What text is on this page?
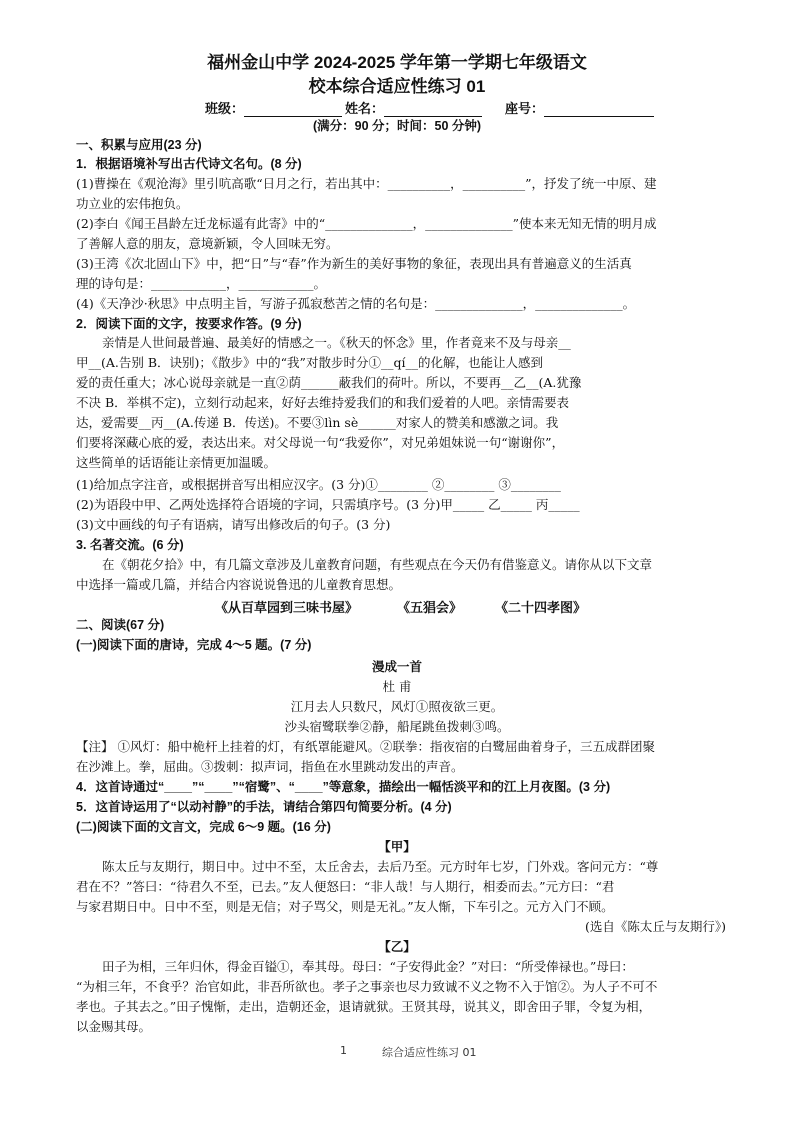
福州金山中学 2024-2025 学年第一学期七年级语文
校本综合适应性练习 01
班级：	姓名：	座号：
(满分：90 分；时间：50 分钟)
一、积累与应用(23 分)
1．根据语境补写出古代诗文名句。(8 分)
(1)曹操在《观沧海》里引吭高歌“日月之行，若出其中：__________，__________”，抒发了统一中原、建
功立业的宏伟抱负。
(2)李白《闻王昌龄左迁龙标遥有此寄》中的“______________，______________”使本来无知无情的明月成
了善解人意的朋友，意境新颖，令人回味无穷。
(3)王湾《次北固山下》中，把“日”与“春”作为新生的美好事物的象征，表现出具有普遍意义的生活真
理的诗句是：____________，____________。
(4)《天净沙·秋思》中点明主旨，写游子孤寂愁苦之情的名句是：______________，______________。
2．阅读下面的文字，按要求作答。(9 分)
亲情是人世间最普遍、最美好的情感之一。《秋天的怀念》里，作者竟来不及与母亲__
甲__(A.告别 B．诀别)；《散步》中的“我”对散步时分①__qí__的化解，也能让人感到
爱的责任重大；冰心说母亲就是一直②荫______蔽我们的荷叶。所以，不要再__乙__(A.犹豫
不决 B．举棋不定)，立刻行动起来，好好去维持爱我们的和我们爱着的人吧。亲情需要表
达，爱需要__丙__(A.传递 B．传送)。不要③lìn sè______对家人的赞美和感激之词。我
们要将深藏心底的爱，表达出来。对父母说一句“我爱你”，对兄弟姐妹说一句“谢谢你”，
这些简单的话语能让亲情更加温暖。
(1)给加点字注音，或根据拼音写出相应汉字。(3 分)①________ ②________ ③________
(2)为语段中甲、乙两处选择符合语境的字词，只需填序号。(3 分)甲_____ 乙_____ 丙_____
(3)文中画线的句子有语病，请写出修改后的句子。(3 分)
3. 名著交流。(6 分)
在《朝花夕拾》中，有几篇文章涉及儿童教育问题，有些观点在今天仍有借鉴意义。请你从以下文章
中选择一篇或几篇，并结合内容说说鲁迅的儿童教育思想。
《从百草园到三味书屋》	《五猖会》	《二十四孝图》
二、阅读(67 分)
(一)阅读下面的唐诗，完成 4～5 题。(7 分)
漫成一首
杜 甫
江月去人只数尺，风灯①照夜欲三更。
沙头宿鹭联拳②静，船尾跳鱼拨刺③鸣。
【注】 ①风灯：船中桅杆上挂着的灯，有纸罩能避风。②联拳：指夜宿的白鹭屈曲着身子，三五成群团聚
在沙滩上。拳，屈曲。③拨刺：拟声词，指鱼在水里跳动发出的声音。
4．这首诗通过“____”“____”“宿鹭”、“____”等意象，描绘出一幅恬淡平和的江上月夜图。(3 分)
5．这首诗运用了“以动衬静”的手法，请结合第四句简要分析。(4 分)
(二)阅读下面的文言文，完成 6～9 题。(16 分)
【甲】
陈太丘与友期行，期日中。过中不至，太丘舍去，去后乃至。元方时年七岁，门外戏。客问元方：“尊
君在不？”答曰：“待君久不至，已去。”友人便怒曰：“非人哉！与人期行，相委而去。”元方曰：“君
与家君期日中。日中不至，则是无信；对子骂父，则是无礼。”友人惭，下车引之。元方入门不顾。
(选自《陈太丘与友期行》)
【乙】
田子为相，三年归休，得金百镒①，奉其母。母曰：“子安得此金？”对曰：“所受俸禄也。”母曰：
“为相三年，不食乎？治官如此，非吾所欲也。孝子之事亲也尽力致诚不义之物不入于馆②。为人子不可不
孝也。子其去之。”田子愧惭，走出，造朝还金，退请就狱。王贤其母，说其义，即舍田子罪，令复为相，
以金赐其母。
1	综合适应性练习 01
